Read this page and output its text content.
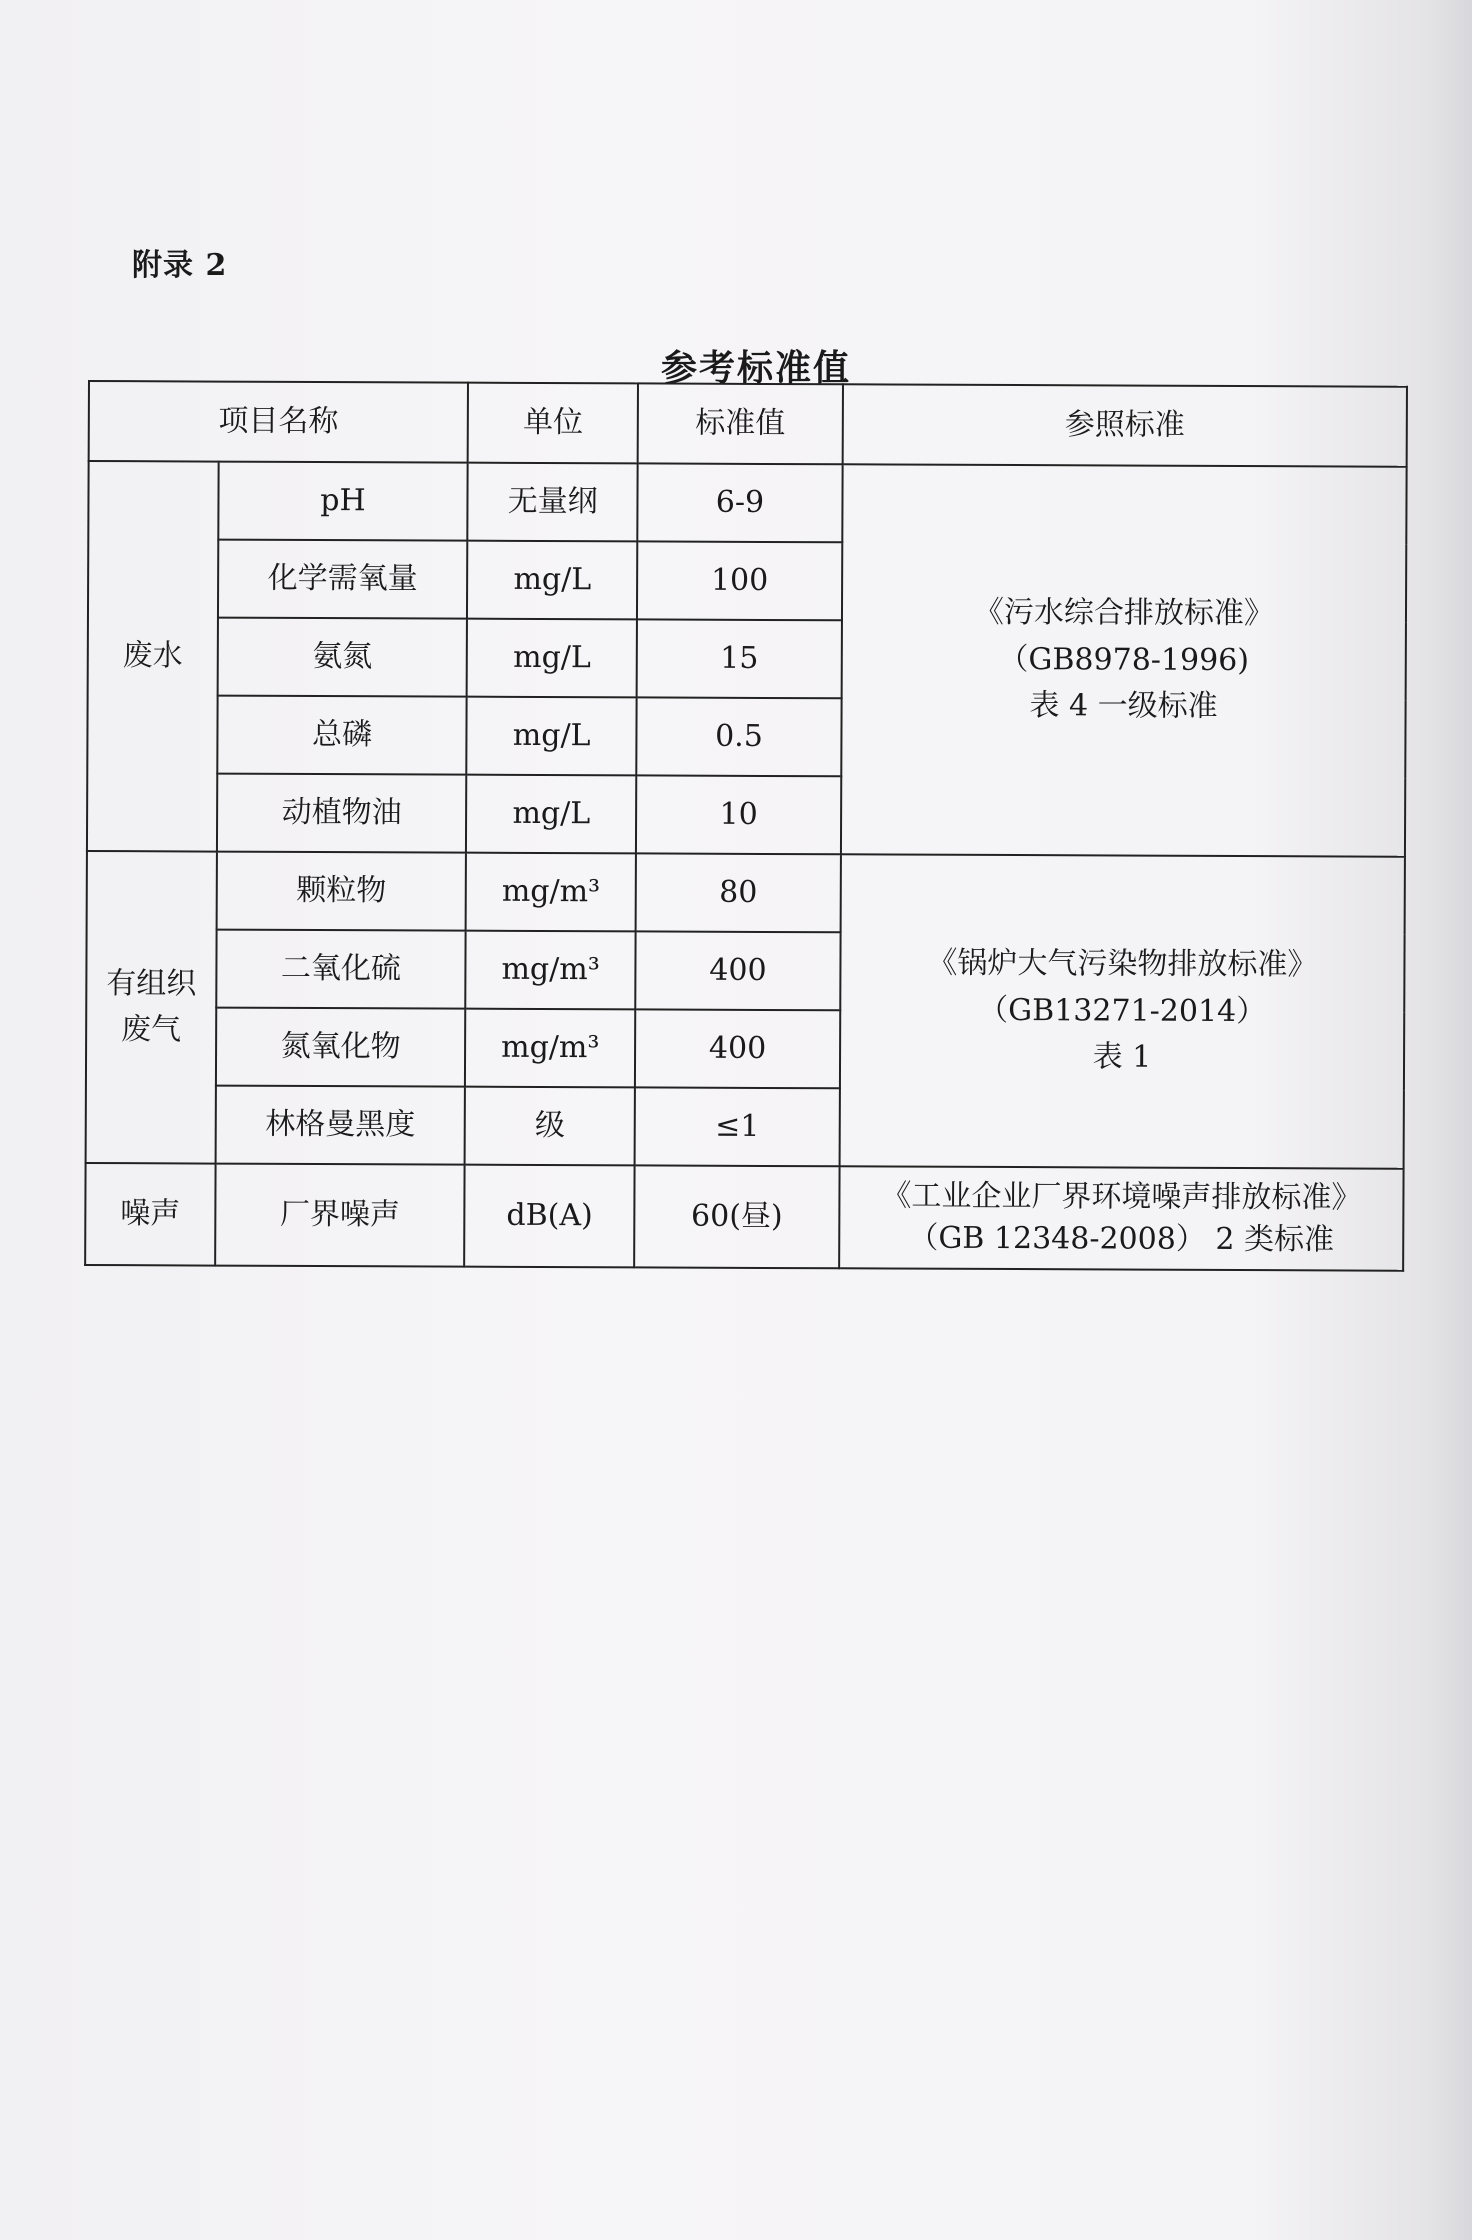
附录 2
参考标准值
项目名称		单位	标准值	参照标准
废水	pH	无量纲	6-9	《污水综合排放标准》
（GB8978-1996)
表 4 一级标准

	化学需氧量	mg/L	100	
	氨氮	mg/L	15	
	总磷	mg/L	0.5	
	动植物油	mg/L	10	

有组织
废气	颗粒物	mg/m³	80	《锅炉大气污染物排放标准》
（GB13271-2014）
表 1

	二氧化硫	mg/m³	400	
	氮氧化物	mg/m³	400	
	林格曼黑度	级	≤1	
噪声	厂界噪声	dB(A)	60(昼)	《工业企业厂界环境噪声排放标准》
（GB 12348-2008） 2 类标准
